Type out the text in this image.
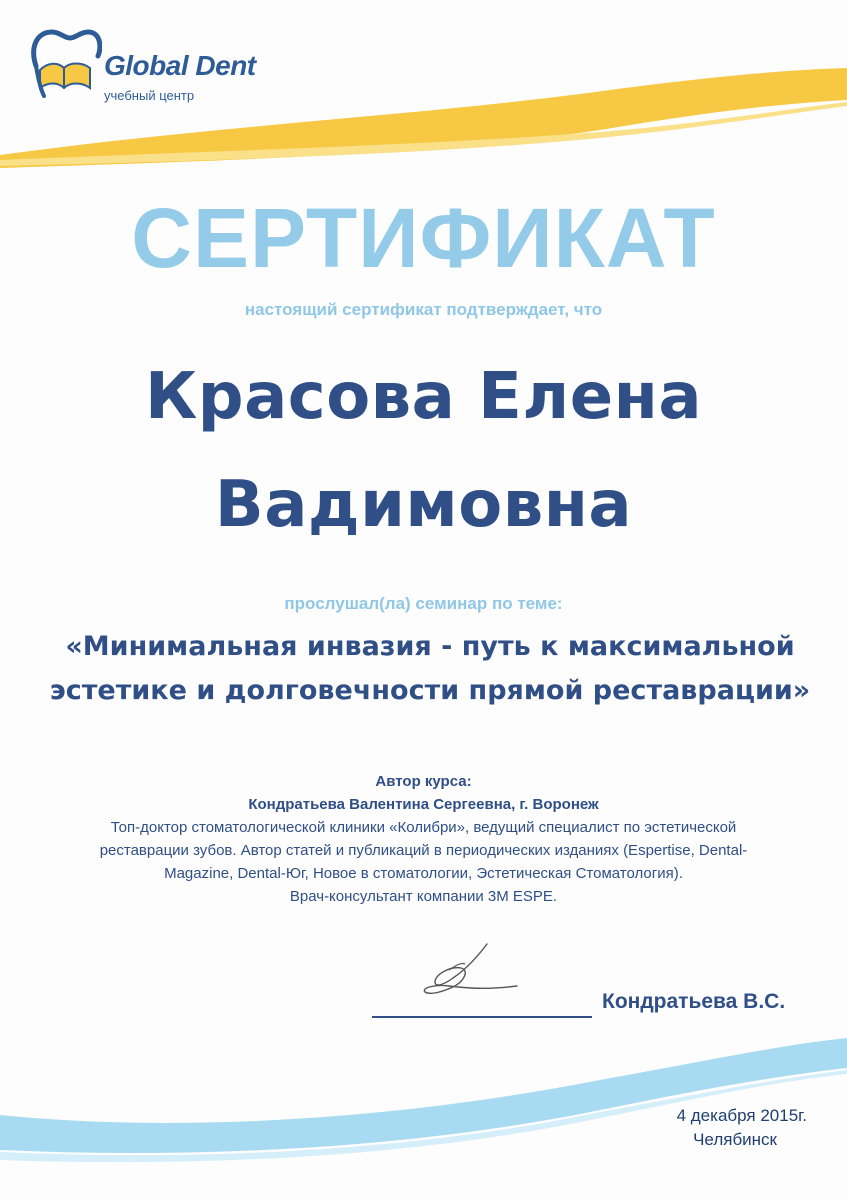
Global Dent
учебный центр
СЕРТИФИКАТ
настоящий сертификат подтверждает, что
Красова Елена
Вадимовна
прослушал(ла) семинар по теме:
«Минимальная инвазия - путь к максимальной
эстетике и долговечности прямой реставрации»
Автор курса:
Кондратьева Валентина Сергеевна, г. Воронеж
Топ-доктор стоматологической клиники «Колибри», ведущий специалист по эстетической
реставрации зубов. Автор статей и публикаций в периодических изданиях (Espertise, Dental-
Magazine, Dental-Юг, Новое в стоматологии, Эстетическая Стоматология).
Врач-консультант компании 3M ESPE.
Кондратьева В.С.
4 декабря 2015г.
Челябинск
